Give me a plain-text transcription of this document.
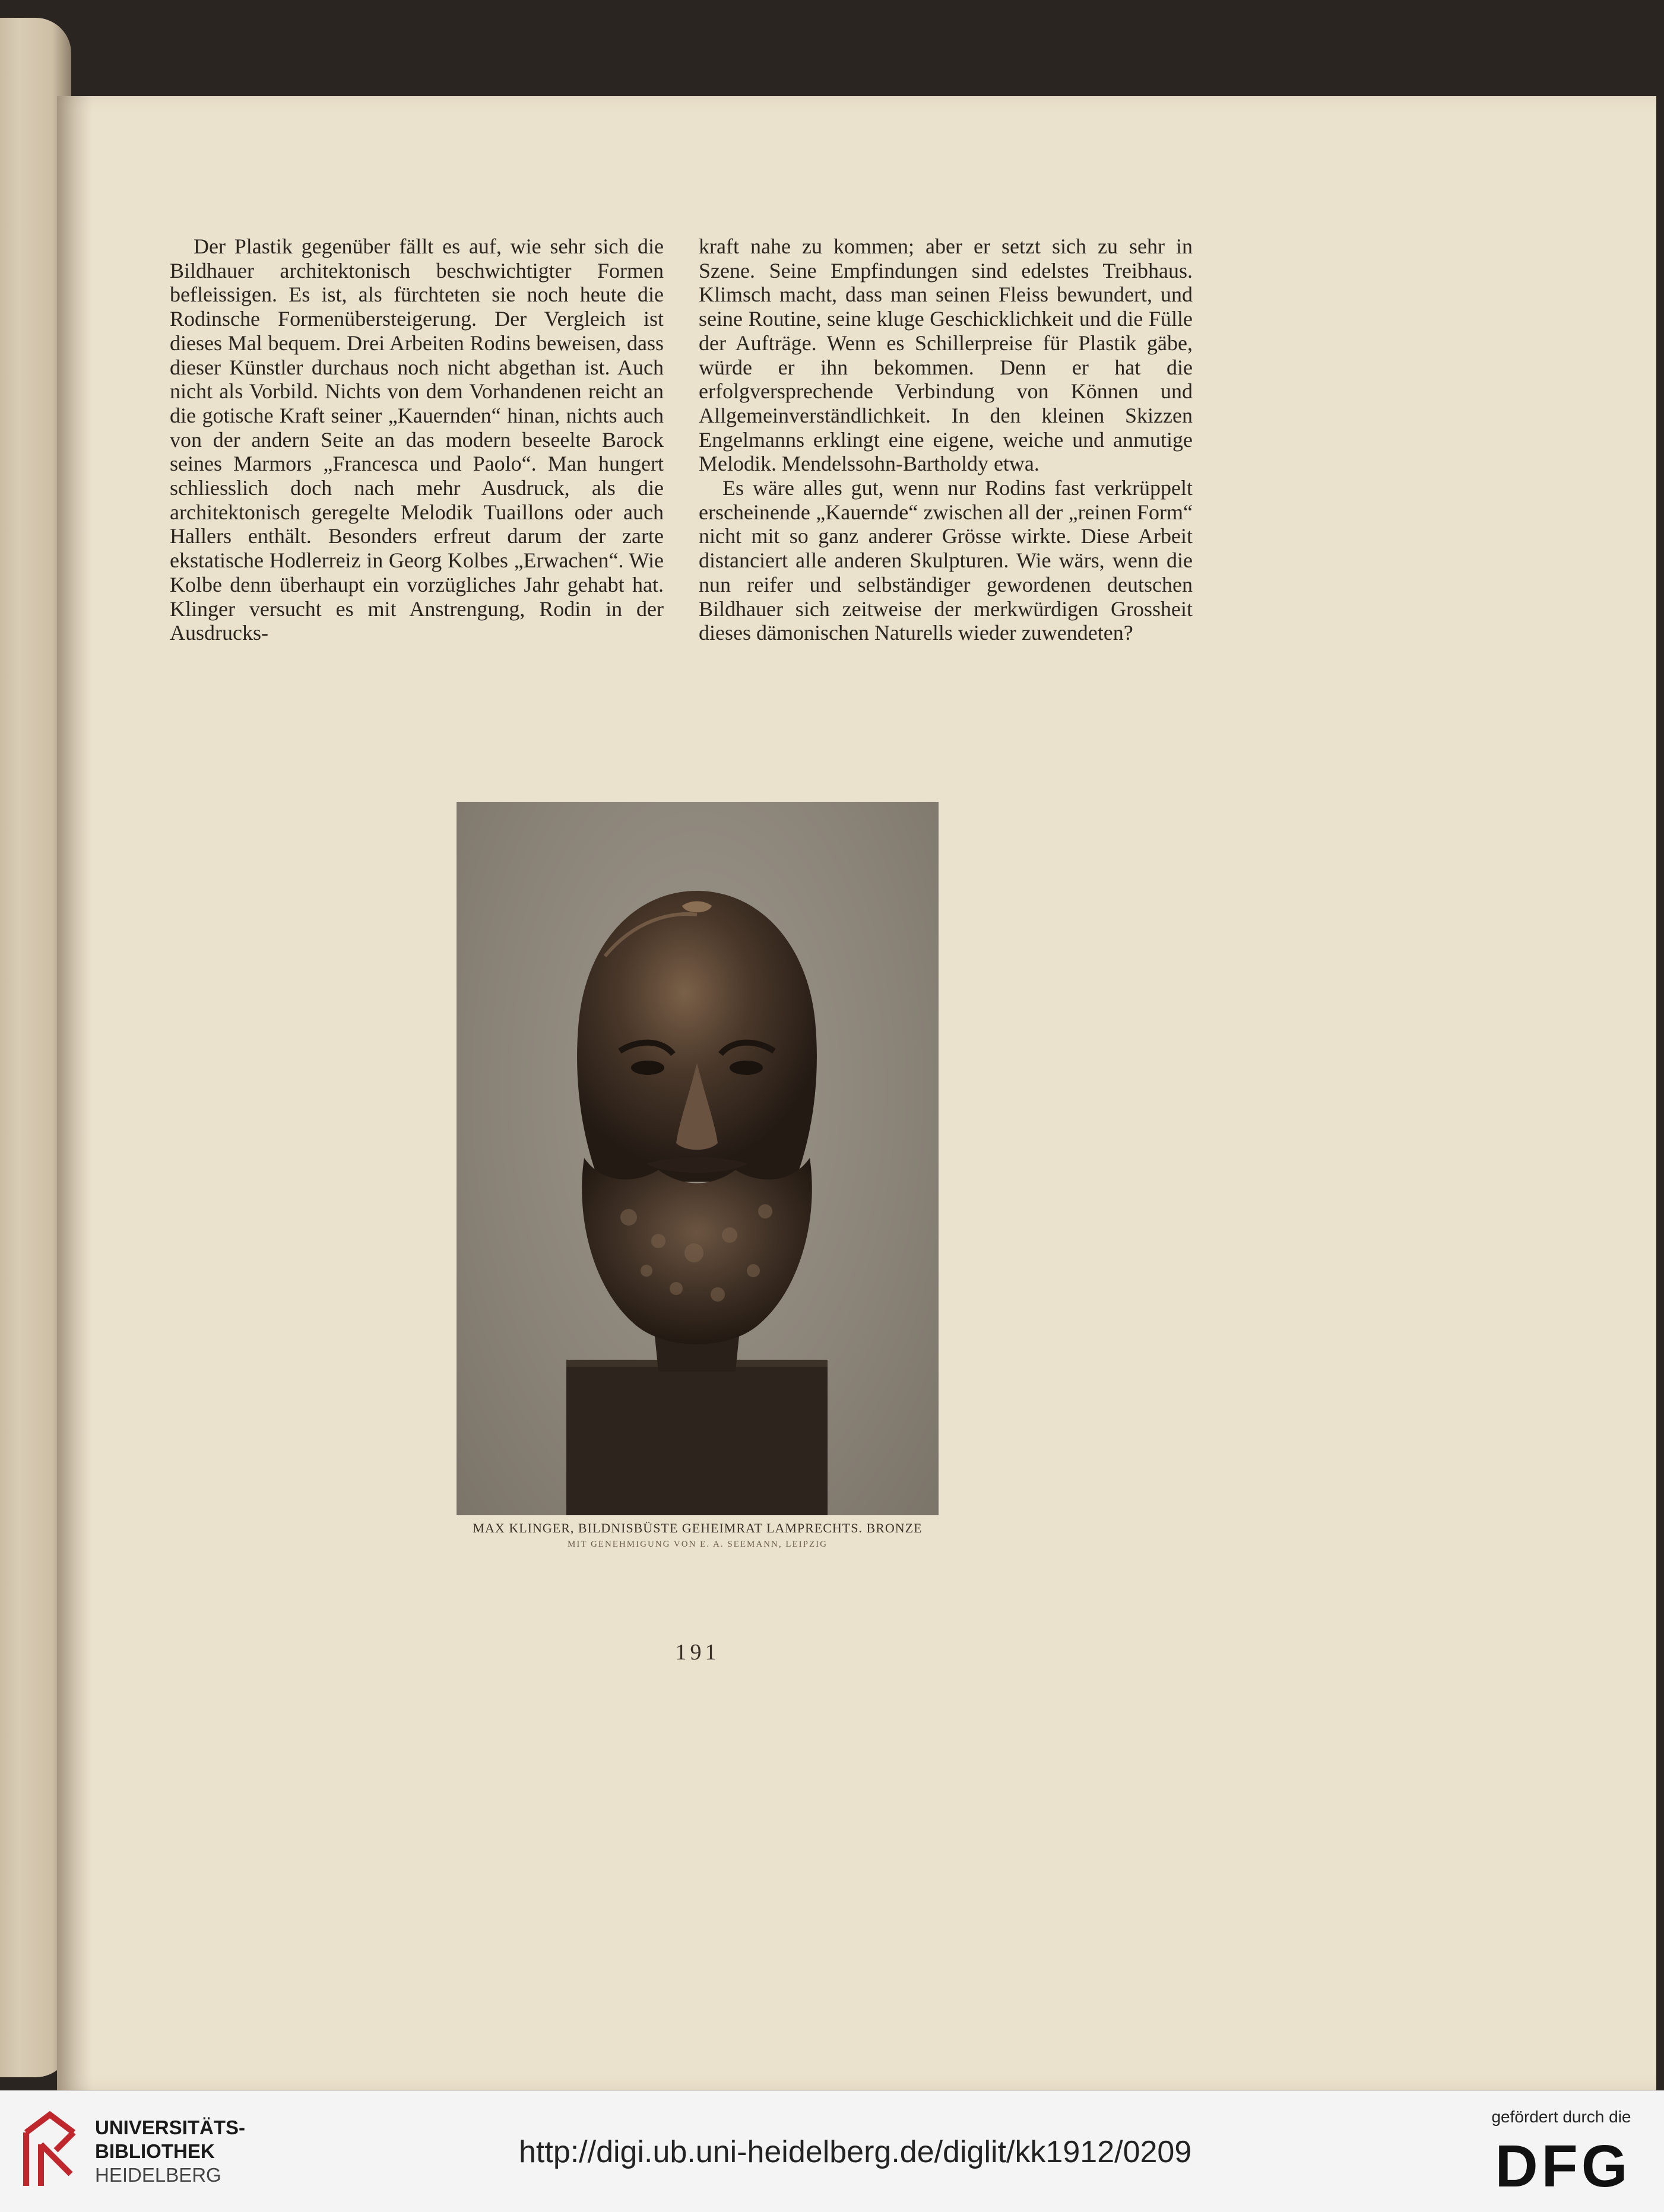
Der Plastik gegenüber fällt es auf, wie sehr sich die Bildhauer architektonisch beschwichtigter Formen befleissigen. Es ist, als fürchteten sie noch heute die Rodinsche Formenübersteigerung. Der Vergleich ist dieses Mal bequem. Drei Arbeiten Rodins beweisen, dass dieser Künstler durchaus noch nicht abgethan ist. Auch nicht als Vorbild. Nichts von dem Vorhandenen reicht an die gotische Kraft seiner „Kauernden“ hinan, nichts auch von der andern Seite an das modern beseelte Barock seines Marmors „Francesca und Paolo“. Man hungert schliesslich doch nach mehr Ausdruck, als die architektonisch geregelte Melodik Tuaillons oder auch Hallers enthält. Besonders erfreut darum der zarte ekstatische Hodlerreiz in Georg Kolbes „Erwachen“. Wie Kolbe denn überhaupt ein vorzügliches Jahr gehabt hat. Klinger versucht es mit Anstrengung, Rodin in der Ausdrucks-

kraft nahe zu kommen; aber er setzt sich zu sehr in Szene. Seine Empfindungen sind edelstes Treibhaus. Klimsch macht, dass man seinen Fleiss bewundert, und seine Routine, seine kluge Geschicklichkeit und die Fülle der Aufträge. Wenn es Schillerpreise für Plastik gäbe, würde er ihn bekommen. Denn er hat die erfolgversprechende Verbindung von Können und Allgemeinverständlichkeit. In den kleinen Skizzen Engelmanns erklingt eine eigene, weiche und anmutige Melodik. Mendelssohn-Bartholdy etwa.

Es wäre alles gut, wenn nur Rodins fast verkrüppelt erscheinende „Kauernde“ zwischen all der „reinen Form“ nicht mit so ganz anderer Grösse wirkte. Diese Arbeit distanciert alle anderen Skulpturen. Wie wärs, wenn die nun reifer und selbständiger gewordenen deutschen Bildhauer sich zeitweise der merkwürdigen Grossheit dieses dämonischen Naturells wieder zuwendeten?

MAX KLINGER, BILDNISBÜSTE GEHEIMRAT LAMPRECHTS. BRONZE

MIT GENEHMIGUNG VON E. A. SEEMANN, LEIPZIG

191

UNIVERSITÄTS-
BIBLIOTHEK
HEIDELBERG

http://digi.ub.uni-heidelberg.de/diglit/kk1912/0209

gefördert durch die

DFG
